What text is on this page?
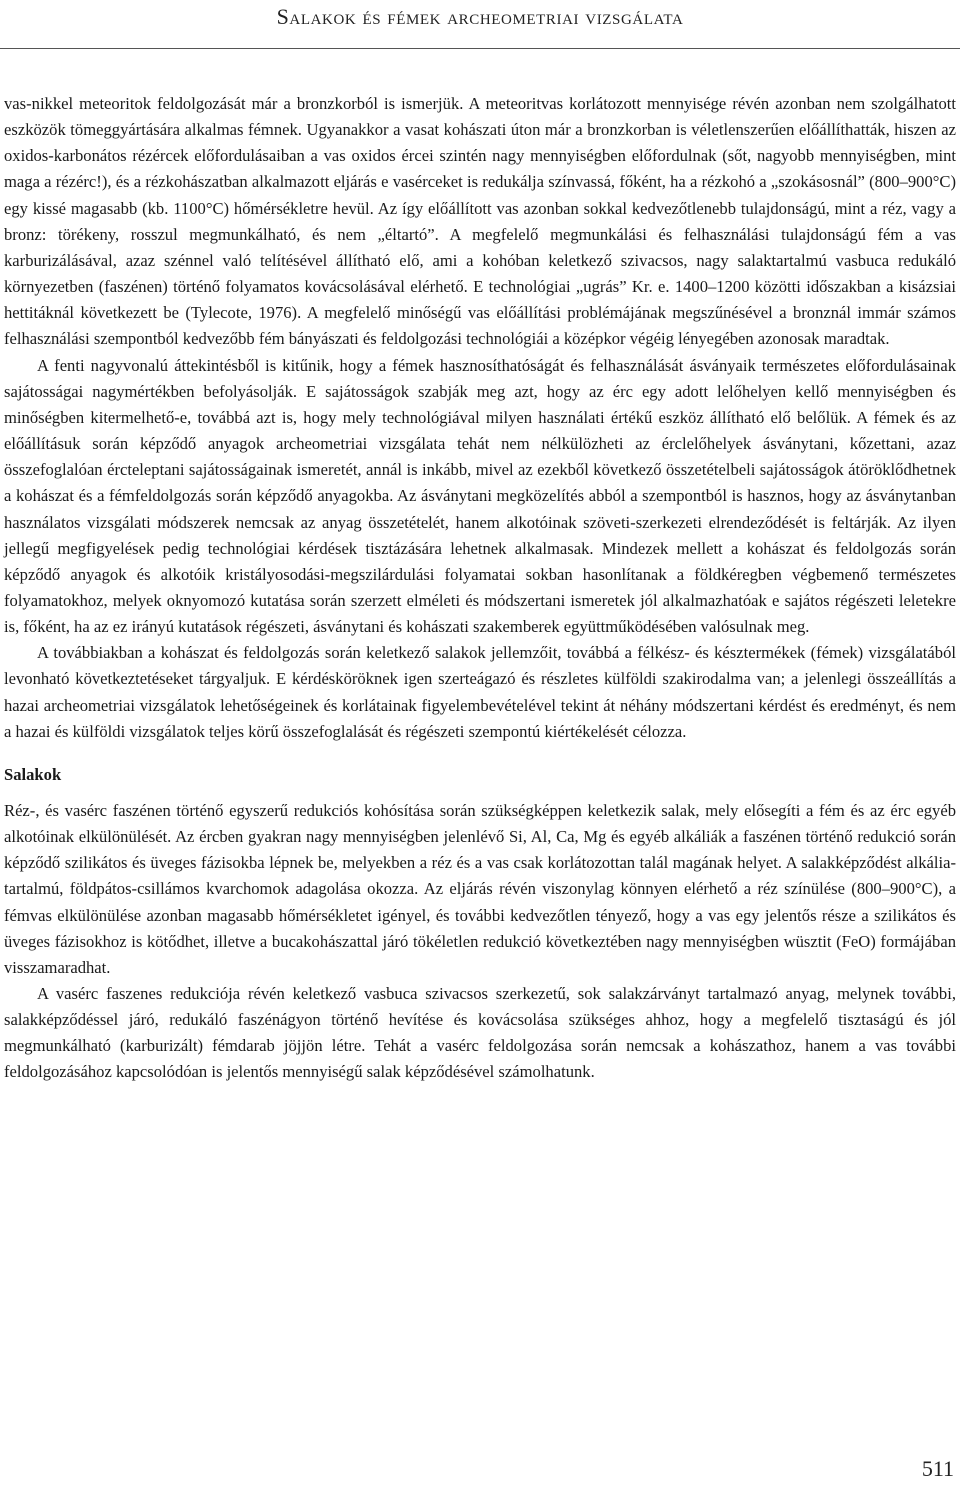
Salakok és fémek archeometriai vizsgálata

vas-nikkel meteoritok feldolgozását már a bronzkorból is ismerjük. A meteoritvas korlátozott mennyisége révén azonban nem szolgálhatott eszközök tömeggyártására alkalmas fémnek. Ugyanakkor a vasat kohászati úton már a bronzkorban is véletlenszerűen előállíthatták, hiszen az oxidos-karbonátos rézércek előfordulásaiban a vas oxidos ércei szintén nagy mennyiségben előfordulnak (sőt, nagyobb mennyiségben, mint maga a rézérc!), és a rézkohászatban alkalmazott eljárás e vasérceket is redukálja színvassá, főként, ha a rézkohó a „szokásosnál” (800–900°C) egy kissé magasabb (kb. 1100°C) hőmérsékletre hevül. Az így előállított vas azonban sokkal kedvezőtlenebb tulajdonságú, mint a réz, vagy a bronz: törékeny, rosszul megmunkálható, és nem „éltartó”. A megfelelő megmunkálási és felhasználási tulajdonságú fém a vas karburizálásával, azaz szénnel való telítésével állítható elő, ami a kohóban keletkező szivacsos, nagy salaktartalmú vasbuca redukáló környezetben (faszénen) történő folyamatos kovácsolásával elérhető. E technológiai „ugrás” Kr. e. 1400–1200 közötti időszakban a kisázsiai hettitáknál következett be (Tylecote, 1976). A megfelelő minőségű vas előállítási problémájának megszűnésével a bronznál immár számos felhasználási szempontból kedvezőbb fém bányászati és feldolgozási technológiái a középkor végéig lényegében azonosak maradtak.

A fenti nagyvonalú áttekintésből is kitűnik, hogy a fémek hasznosíthatóságát és felhasználását ásványaik természetes előfordulásainak sajátosságai nagymértékben befolyásolják. E sajátosságok szabják meg azt, hogy az érc egy adott lelőhelyen kellő mennyiségben és minőségben kitermelhető-e, továbbá azt is, hogy mely technológiával milyen használati értékű eszköz állítható elő belőlük. A fémek és az előállításuk során képződő anyagok archeometriai vizsgálata tehát nem nélkülözheti az érclelőhelyek ásványtani, kőzettani, azaz összefoglalóan ércteleptani sajátosságainak ismeretét, annál is inkább, mivel az ezekből következő összetételbeli sajátosságok átöröklődhetnek a kohászat és a fémfeldolgozás során képződő anyagokba. Az ásványtani megközelítés abból a szempontból is hasznos, hogy az ásványtanban használatos vizsgálati módszerek nemcsak az anyag összetételét, hanem alkotóinak szöveti-szerkezeti elrendeződését is feltárják. Az ilyen jellegű megfigyelések pedig technológiai kérdések tisztázására lehetnek alkalmasak. Mindezek mellett a kohászat és feldolgozás során képződő anyagok és alkotóik kristályosodási-megszilárdulási folyamatai sokban hasonlítanak a földkéregben végbemenő természetes folyamatokhoz, melyek oknyomozó kutatása során szerzett elméleti és módszertani ismeretek jól alkalmazhatóak e sajátos régészeti leletekre is, főként, ha az ez irányú kutatások régészeti, ásványtani és kohászati szakemberek együttműködésében valósulnak meg.

A továbbiakban a kohászat és feldolgozás során keletkező salakok jellemzőit, továbbá a félkész- és késztermékek (fémek) vizsgálatából levonható következtetéseket tárgyaljuk. E kérdésköröknek igen szerteágazó és részletes külföldi szakirodalma van; a jelenlegi összeállítás a hazai archeometriai vizsgálatok lehetőségeinek és korlátainak figyelembevételével tekint át néhány módszertani kérdést és eredményt, és nem a hazai és külföldi vizsgálatok teljes körű összefoglalását és régészeti szempontú kiértékelését célozza.

Salakok

Réz-, és vasérc faszénen történő egyszerű redukciós kohósítása során szükségképpen keletkezik salak, mely elősegíti a fém és az érc egyéb alkotóinak elkülönülését. Az ércben gyakran nagy mennyiségben jelenlévő Si, Al, Ca, Mg és egyéb alkáliák a faszénen történő redukció során képződő szilikátos és üveges fázisokba lépnek be, melyekben a réz és a vas csak korlátozottan talál magának helyet. A salakképződést alkália-tartalmú, földpátos-csillámos kvarchomok adagolása okozza. Az eljárás révén viszonylag könnyen elérhető a réz színülése (800–900°C), a fémvas elkülönülése azonban magasabb hőmérsékletet igényel, és további kedvezőtlen tényező, hogy a vas egy jelentős része a szilikátos és üveges fázisokhoz is kötődhet, illetve a bucakohászattal járó tökéletlen redukció következtében nagy mennyiségben wüsztit (FeO) formájában visszamaradhat.

A vasérc faszenes redukciója révén keletkező vasbuca szivacsos szerkezetű, sok salakzárványt tartalmazó anyag, melynek további, salakképződéssel járó, redukáló faszénágyon történő hevítése és kovácsolása szükséges ahhoz, hogy a megfelelő tisztaságú és jól megmunkálható (karburizált) fémdarab jöjjön létre. Tehát a vasérc feldolgozása során nemcsak a kohászathoz, hanem a vas további feldolgozásához kapcsolódóan is jelentős mennyiségű salak képződésével számolhatunk.

511
